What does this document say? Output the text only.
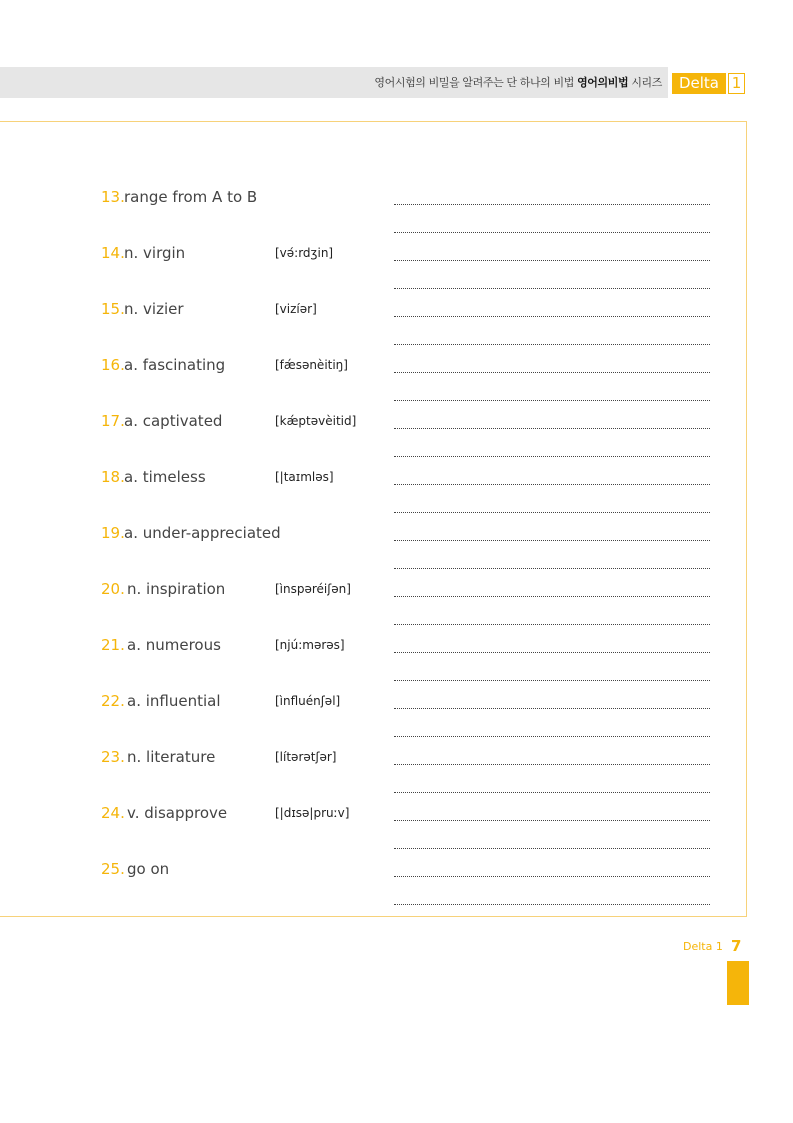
영어시험의 비밀을 알려주는 단 하나의 비법 영어의비법 시리즈	Delta 1
13. range from A to B
14. n. virgin	[vә́:rdʒin]
15. n. vizier	[vizíәr]
16. a. fascinating	[fǽsәnèitiŋ]
17. a. captivated	[kǽptәvèitid]
18. a. timeless	[|taɪmləs]
19. a. under-appreciated
20. n. inspiration	[ìnspәréiʃәn]
21. a. numerous	[njú:mәrәs]
22. a. influential	[ìnfluénʃәl]
23. n. literature	[lítәrәtʃәr]
24. v. disapprove	[|dɪsə|pruːv]
25. go on
Delta 1 7
